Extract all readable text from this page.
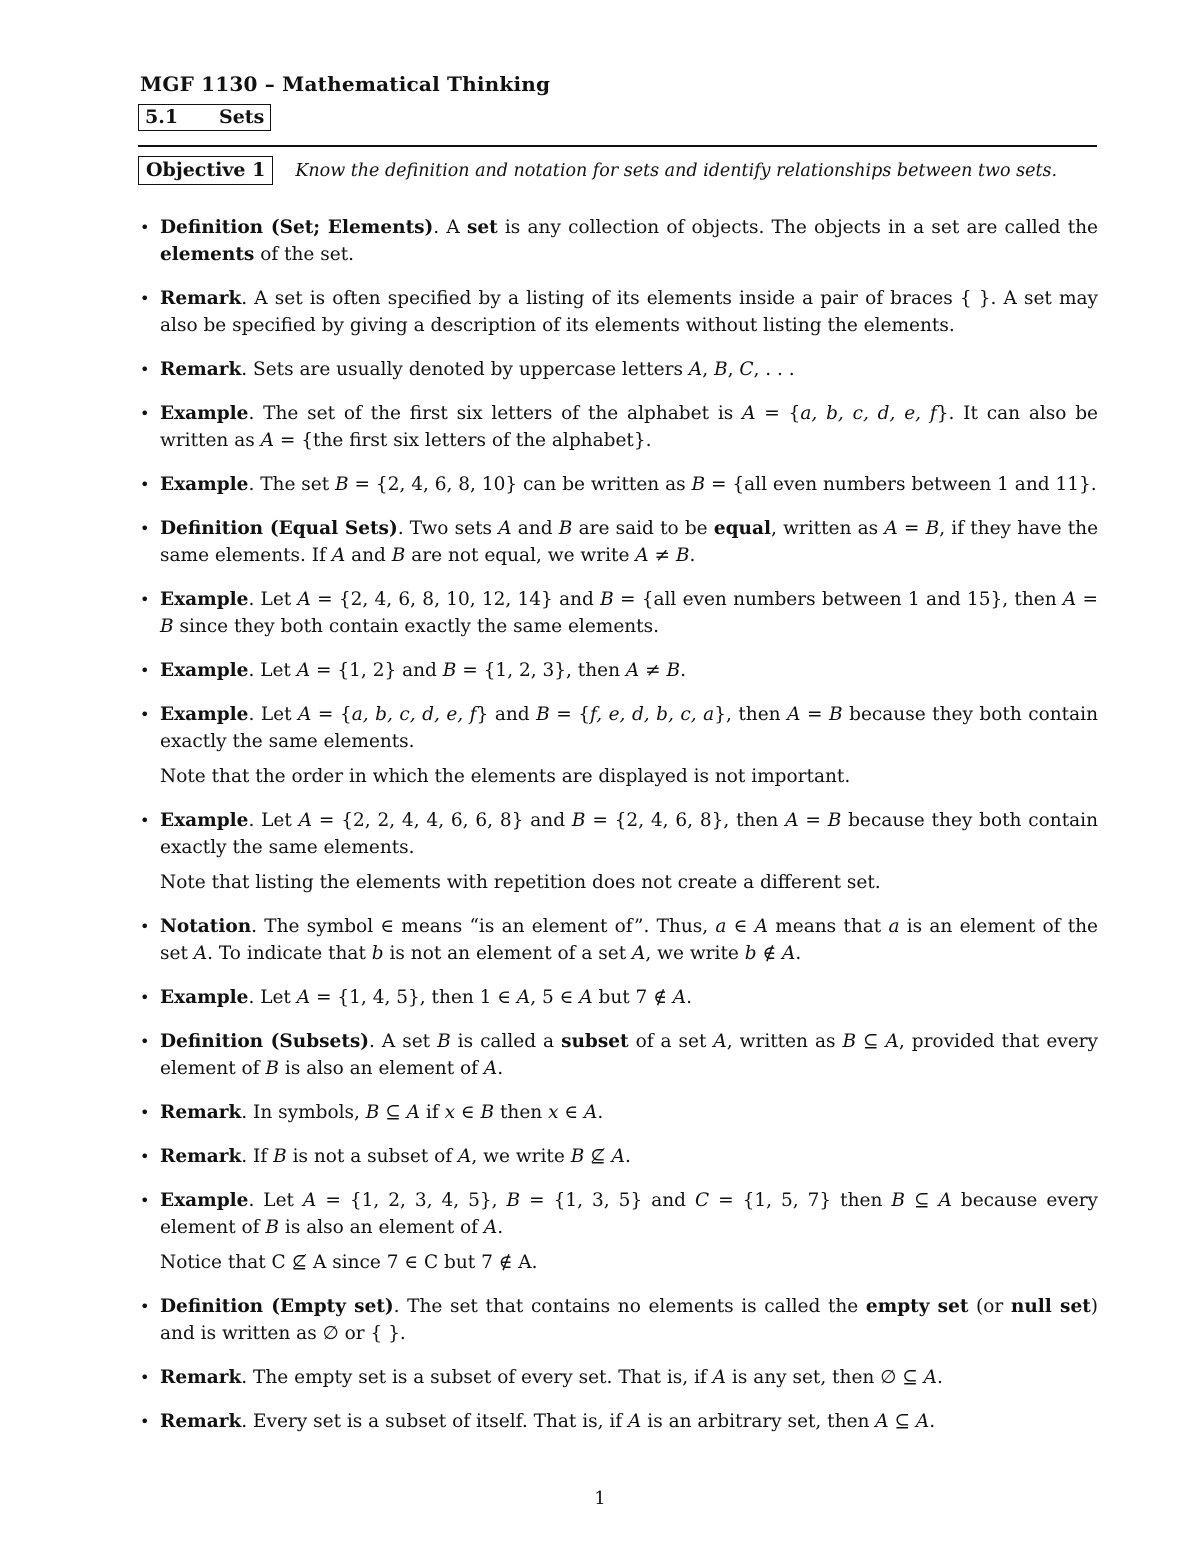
MGF 1130 – Mathematical Thinking
5.1 Sets
Objective 1	Know the definition and notation for sets and identify relationships between two sets.
• Definition (Set; Elements). A set is any collection of objects. The objects in a set are called the elements of the set.
• Remark. A set is often specified by a listing of its elements inside a pair of braces { }. A set may also be specified by giving a description of its elements without listing the elements.
• Remark. Sets are usually denoted by uppercase letters A, B, C, . . .
• Example. The set of the first six letters of the alphabet is A = {a, b, c, d, e, f}. It can also be written as A = {the first six letters of the alphabet}.
• Example. The set B = {2, 4, 6, 8, 10} can be written as B = {all even numbers between 1 and 11}.
• Definition (Equal Sets). Two sets A and B are said to be equal, written as A = B, if they have the same elements. If A and B are not equal, we write A ≠ B.
• Example. Let A = {2, 4, 6, 8, 10, 12, 14} and B = {all even numbers between 1 and 15}, then A = B since they both contain exactly the same elements.
• Example. Let A = {1, 2} and B = {1, 2, 3}, then A ≠ B.
• Example. Let A = {a, b, c, d, e, f} and B = {f, e, d, b, c, a}, then A = B because they both contain exactly the same elements.
Note that the order in which the elements are displayed is not important.
• Example. Let A = {2, 2, 4, 4, 6, 6, 8} and B = {2, 4, 6, 8}, then A = B because they both contain exactly the same elements.
Note that listing the elements with repetition does not create a different set.
• Notation. The symbol ∈ means “is an element of”. Thus, a ∈ A means that a is an element of the set A. To indicate that b is not an element of a set A, we write b ∉ A.
• Example. Let A = {1, 4, 5}, then 1 ∈ A, 5 ∈ A but 7 ∉ A.
• Definition (Subsets). A set B is called a subset of a set A, written as B ⊆ A, provided that every element of B is also an element of A.
• Remark. In symbols, B ⊆ A if x ∈ B then x ∈ A.
• Remark. If B is not a subset of A, we write B ⊈ A.
• Example. Let A = {1, 2, 3, 4, 5}, B = {1, 3, 5} and C = {1, 5, 7} then B ⊆ A because every element of B is also an element of A.
Notice that C ⊈ A since 7 ∈ C but 7 ∉ A.
• Definition (Empty set). The set that contains no elements is called the empty set (or null set) and is written as ∅ or { }.
• Remark. The empty set is a subset of every set. That is, if A is any set, then ∅ ⊆ A.
• Remark. Every set is a subset of itself. That is, if A is an arbitrary set, then A ⊆ A.
1
